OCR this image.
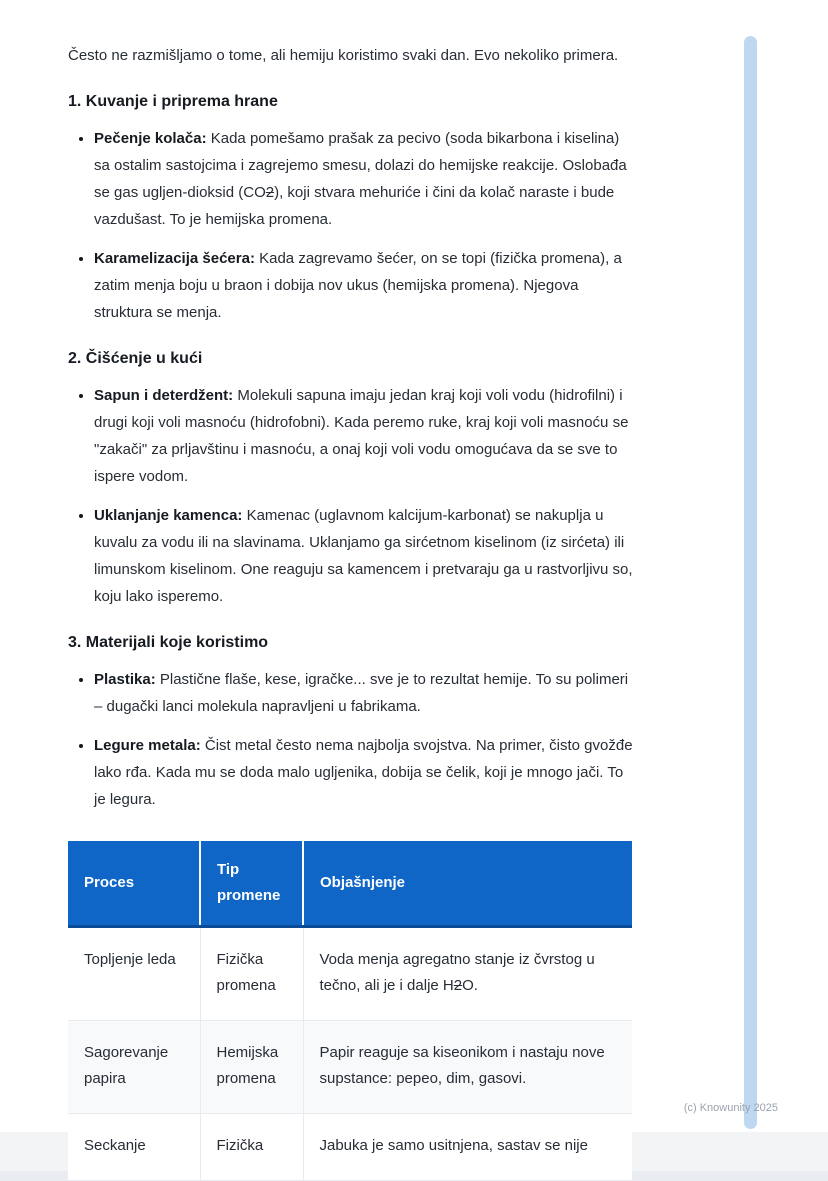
Često ne razmišljamo o tome, ali hemiju koristimo svaki dan. Evo nekoliko primera.

1. Kuvanje i priprema hrane
• Pečenje kolača: Kada pomešamo prašak za pecivo (soda bikarbona i kiselina) sa ostalim sastojcima i zagrejemo smesu, dolazi do hemijske reakcije. Oslobađa se gas ugljen-dioksid (CO2), koji stvara mehuriće i čini da kolač naraste i bude vazdušast. To je hemijska promena.
• Karamelizacija šećera: Kada zagrevamo šećer, on se topi (fizička promena), a zatim menja boju u braon i dobija nov ukus (hemijska promena). Njegova struktura se menja.
2. Čišćenje u kući
• Sapun i deterdžent: Molekuli sapuna imaju jedan kraj koji voli vodu (hidrofilni) i drugi koji voli masnoću (hidrofobni). Kada peremo ruke, kraj koji voli masnoću se "zakači" za prljavštinu i masnoću, a onaj koji voli vodu omogućava da se sve to ispere vodom.
• Uklanjanje kamenca: Kamenac (uglavnom kalcijum-karbonat) se nakuplja u kuvalu za vodu ili na slavinama. Uklanjamo ga sirćetnom kiselinom (iz sirćeta) ili limunskom kiselinom. One reaguju sa kamencem i pretvaraju ga u rastvorljivu so, koju lako isperemo.
3. Materijali koje koristimo
• Plastika: Plastične flaše, kese, igračke... sve je to rezultat hemije. To su polimeri – dugački lanci molekula napravljeni u fabrikama.
• Legure metala: Čist metal često nema najbolja svojstva. Na primer, čisto gvožđe lako rđa. Kada mu se doda malo ugljenika, dobija se čelik, koji je mnogo jači. To je legura.
Proces	Tip promene	Objašnjenje
Topljenje leda	Fizička promena	Voda menja agregatno stanje iz čvrstog u tečno, ali je i dalje H2O.
Sagorevanje papira	Hemijska promena	Papir reaguje sa kiseonikom i nastaju nove supstance: pepeo, dim, gasovi.
Seckanje	Fizička	Jabuka je samo usitnjena, sastav se nije
(c) Knowunity 2025
